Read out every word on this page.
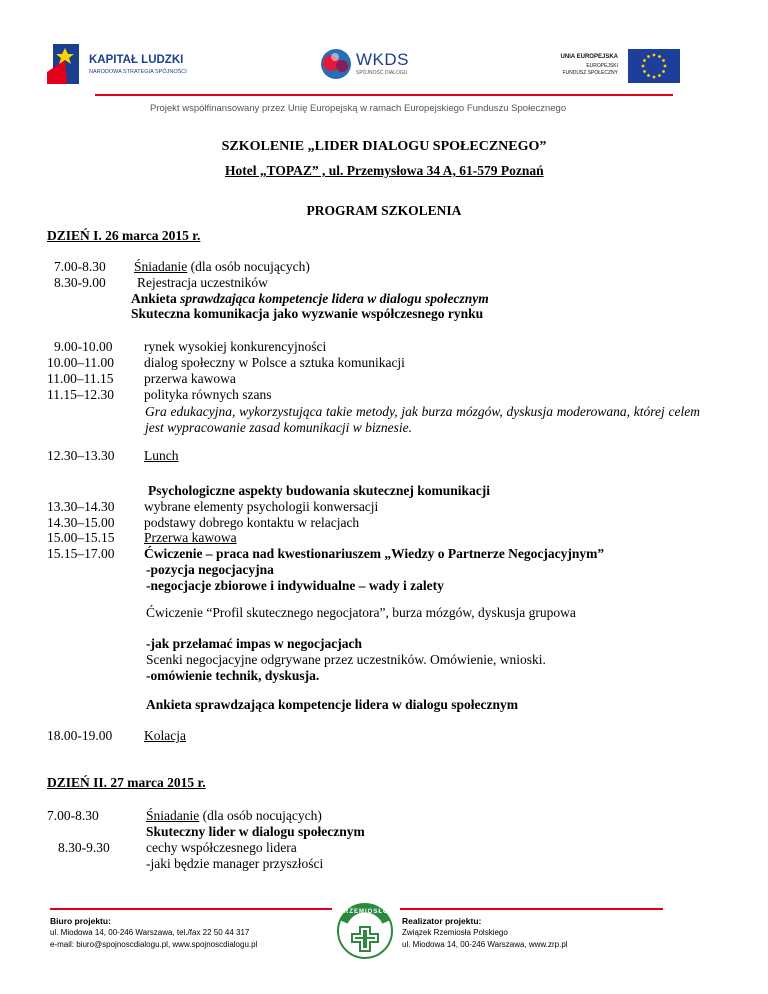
KAPITAŁ LUDZKI
NARODOWA STRATEGIA SPÓJNOŚCI
WKDS
SPÓJNOŚĆ DIALOGU
UNIA EUROPEJSKA
EUROPEJSKI
FUNDUSZ SPOŁECZNY
Projekt współfinansowany przez Unię Europejską w ramach Europejskiego Funduszu Społecznego
SZKOLENIE „LIDER DIALOGU SPOŁECZNEGO”
Hotel „TOPAZ” , ul. Przemysłowa 34 A, 61-579 Poznań
PROGRAM SZKOLENIA
DZIEŃ I. 26 marca 2015 r.
7.00-8.30 Śniadanie (dla osób nocujących)
8.30-9.00 Rejestracja uczestników
Ankieta sprawdzająca kompetencje lidera w dialogu społecznym
Skuteczna komunikacja jako wyzwanie współczesnego rynku
9.00-10.00 rynek wysokiej konkurencyjności
10.00–11.00 dialog społeczny w Polsce a sztuka komunikacji
11.00–11.15 przerwa kawowa
11.15–12.30 polityka równych szans
Gra edukacyjna, wykorzystująca takie metody, jak burza mózgów, dyskusja moderowana, której celem jest wypracowanie zasad komunikacji w biznesie.
12.30–13.30 Lunch
Psychologiczne aspekty budowania skutecznej komunikacji
13.30–14.30 wybrane elementy psychologii konwersacji
14.30–15.00 podstawy dobrego kontaktu w relacjach
15.00–15.15 Przerwa kawowa
15.15–17.00 Ćwiczenie – praca nad kwestionariuszem „Wiedzy o Partnerze Negocjacyjnym”
-pozycja negocjacyjna
-negocjacje zbiorowe i indywidualne – wady i zalety
Ćwiczenie “Profil skutecznego negocjatora”, burza mózgów, dyskusja grupowa
-jak przełamać impas w negocjacjach
Scenki negocjacyjne odgrywane przez uczestników. Omówienie, wnioski.
-omówienie technik, dyskusja.
Ankieta sprawdzająca kompetencje lidera w dialogu społecznym
18.00-19.00 Kolacja
DZIEŃ II. 27 marca 2015 r.
7.00-8.30	Śniadanie (dla osób nocujących)
Skuteczny lider w dialogu społecznym
8.30-9.30	cechy współczesnego lidera
-jaki będzie manager przyszłości
Biuro projektu:
ul. Miodowa 14, 00-246 Warszawa, tel./fax 22 50 44 317
e-mail: biuro@spojnoscdialogu.pl, www.spojnoscdialogu.pl
RZEMIOSŁO
Realizator projektu:
Związek Rzemiosła Polskiego
ul. Miodowa 14, 00-246 Warszawa, www.zrp.pl
